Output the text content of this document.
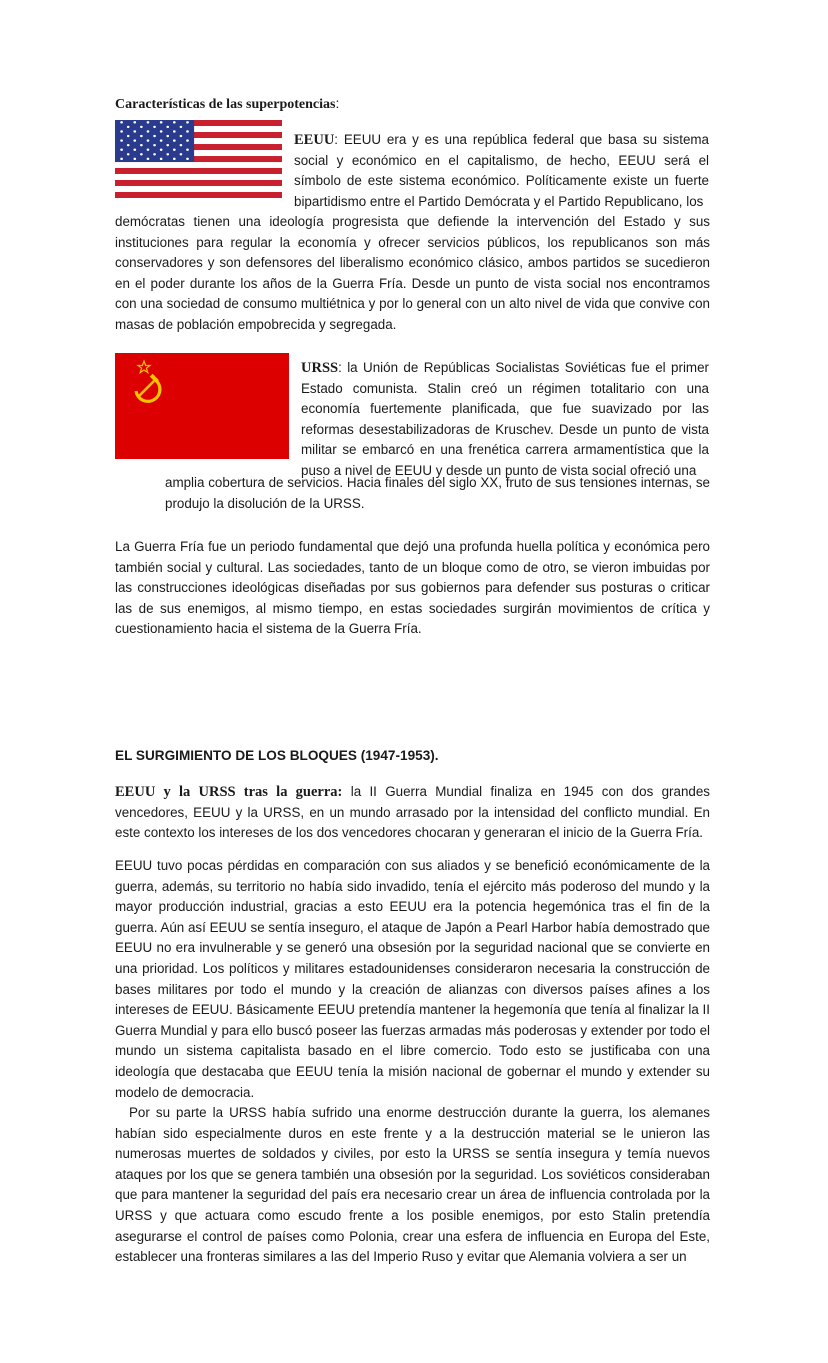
Características de las superpotencias:

EEUU: EEUU era y es una república federal que basa su sistema social y económico en el capitalismo, de hecho, EEUU será el símbolo de este sistema económico. Políticamente existe un fuerte bipartidismo entre el Partido Demócrata y el Partido Republicano, los

demócratas tienen una ideología progresista que defiende la intervención del Estado y sus instituciones para regular la economía y ofrecer servicios públicos, los republicanos son más conservadores y son defensores del liberalismo económico clásico, ambos partidos se sucedieron en el poder durante los años de la Guerra Fría. Desde un punto de vista social nos encontramos con una sociedad de consumo multiétnica y por lo general con un alto nivel de vida que convive con masas de población empobrecida y segregada.

URSS: la Unión de Repúblicas Socialistas Soviéticas fue el primer Estado comunista. Stalin creó un régimen totalitario con una economía fuertemente planificada, que fue suavizado por las reformas desestabilizadoras de Kruschev. Desde un punto de vista militar se embarcó en una frenética carrera armamentística que la puso a nivel de EEUU y desde un punto de vista social ofreció una

amplia cobertura de servicios. Hacia finales del siglo XX, fruto de sus tensiones internas, se produjo la disolución de la URSS.

La Guerra Fría fue un periodo fundamental que dejó una profunda huella política y económica pero también social y cultural. Las sociedades, tanto de un bloque como de otro, se vieron imbuidas por las construcciones ideológicas diseñadas por sus gobiernos para defender sus posturas o criticar las de sus enemigos, al mismo tiempo, en estas sociedades surgirán movimientos de crítica y cuestionamiento hacia el sistema de la Guerra Fría.

EL SURGIMIENTO DE LOS BLOQUES (1947-1953).

EEUU y la URSS tras la guerra: la II Guerra Mundial finaliza en 1945 con dos grandes vencedores, EEUU y la URSS, en un mundo arrasado por la intensidad del conflicto mundial. En este contexto los intereses de los dos vencedores chocaran y generaran el inicio de la Guerra Fría.

EEUU tuvo pocas pérdidas en comparación con sus aliados y se benefició económicamente de la guerra, además, su territorio no había sido invadido, tenía el ejército más poderoso del mundo y la mayor producción industrial, gracias a esto EEUU era la potencia hegemónica tras el fin de la guerra. Aún así EEUU se sentía inseguro, el ataque de Japón a Pearl Harbor había demostrado que EEUU no era invulnerable y se generó una obsesión por la seguridad nacional que se convierte en una prioridad. Los políticos y militares estadounidenses consideraron necesaria la construcción de bases militares por todo el mundo y la creación de alianzas con diversos países afines a los intereses de EEUU. Básicamente EEUU pretendía mantener la hegemonía que tenía al finalizar la II Guerra Mundial y para ello buscó poseer las fuerzas armadas más poderosas y extender por todo el mundo un sistema capitalista basado en el libre comercio. Todo esto se justificaba con una ideología que destacaba que EEUU tenía la misión nacional de gobernar el mundo y extender su modelo de democracia.

Por su parte la URSS había sufrido una enorme destrucción durante la guerra, los alemanes habían sido especialmente duros en este frente y a la destrucción material se le unieron las numerosas muertes de soldados y civiles, por esto la URSS se sentía insegura y temía nuevos ataques por los que se genera también una obsesión por la seguridad. Los soviéticos consideraban que para mantener la seguridad del país era necesario crear un área de influencia controlada por la URSS y que actuara como escudo frente a los posible enemigos, por esto Stalin pretendía asegurarse el control de países como Polonia, crear una esfera de influencia en Europa del Este, establecer una fronteras similares a las del Imperio Ruso y evitar que Alemania volviera a ser un
